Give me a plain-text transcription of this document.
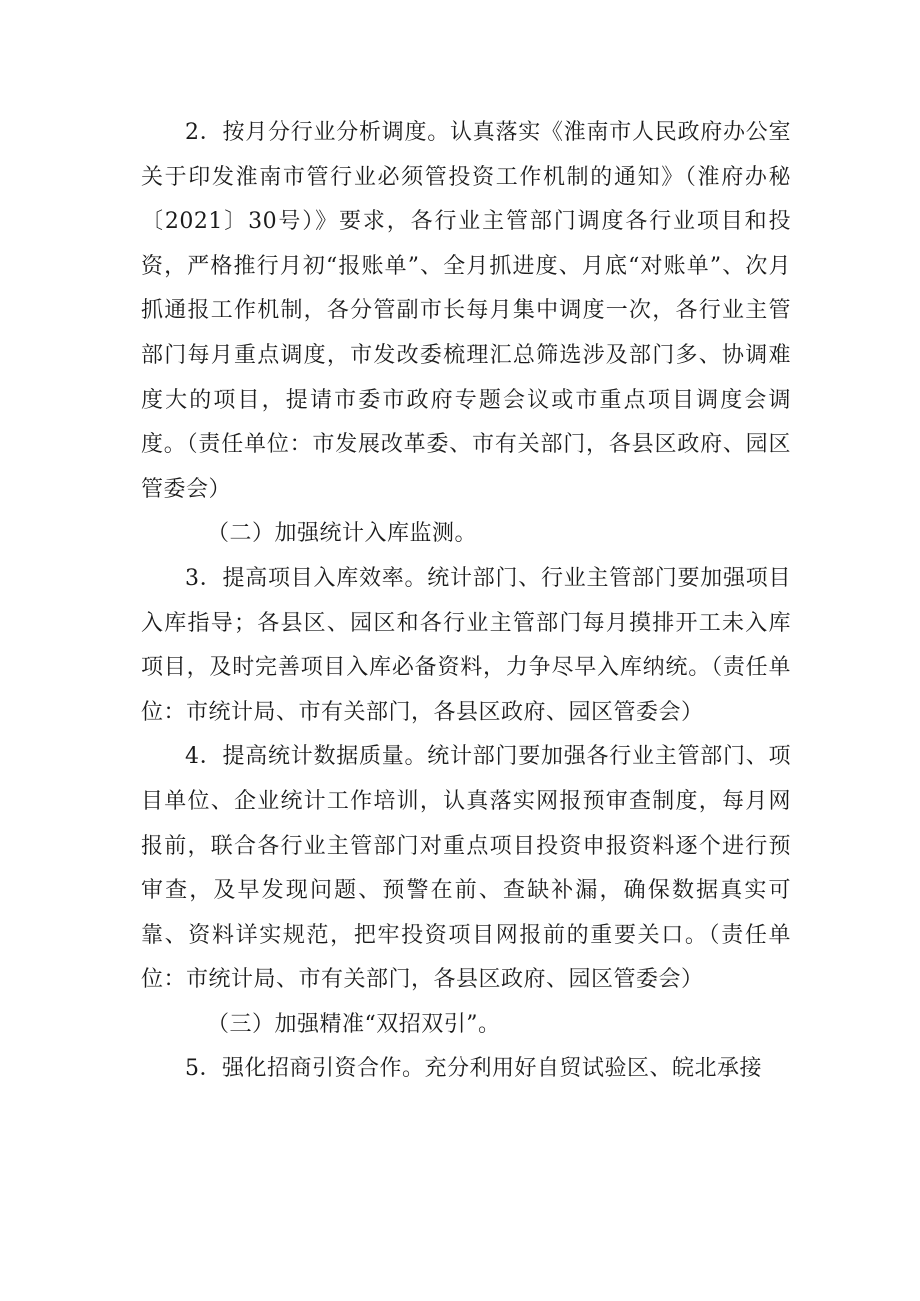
2．按月分行业分析调度。认真落实《淮南市人民政府办公室关于印发淮南市管行业必须管投资工作机制的通知》（淮府办秘〔2021〕30号）》要求，各行业主管部门调度各行业项目和投资，严格推行月初“报账单”、全月抓进度、月底“对账单”、次月抓通报工作机制，各分管副市长每月集中调度一次，各行业主管部门每月重点调度，市发改委梳理汇总筛选涉及部门多、协调难度大的项目，提请市委市政府专题会议或市重点项目调度会调度。（责任单位：市发展改革委、市有关部门，各县区政府、园区管委会）

（二）加强统计入库监测。

3．提高项目入库效率。统计部门、行业主管部门要加强项目入库指导；各县区、园区和各行业主管部门每月摸排开工未入库项目，及时完善项目入库必备资料，力争尽早入库纳统。（责任单位：市统计局、市有关部门，各县区政府、园区管委会）

4．提高统计数据质量。统计部门要加强各行业主管部门、项目单位、企业统计工作培训，认真落实网报预审查制度，每月网报前，联合各行业主管部门对重点项目投资申报资料逐个进行预审查，及早发现问题、预警在前、查缺补漏，确保数据真实可靠、资料详实规范，把牢投资项目网报前的重要关口。（责任单位：市统计局、市有关部门，各县区政府、园区管委会）

（三）加强精准“双招双引”。

5．强化招商引资合作。充分利用好自贸试验区、皖北承接
